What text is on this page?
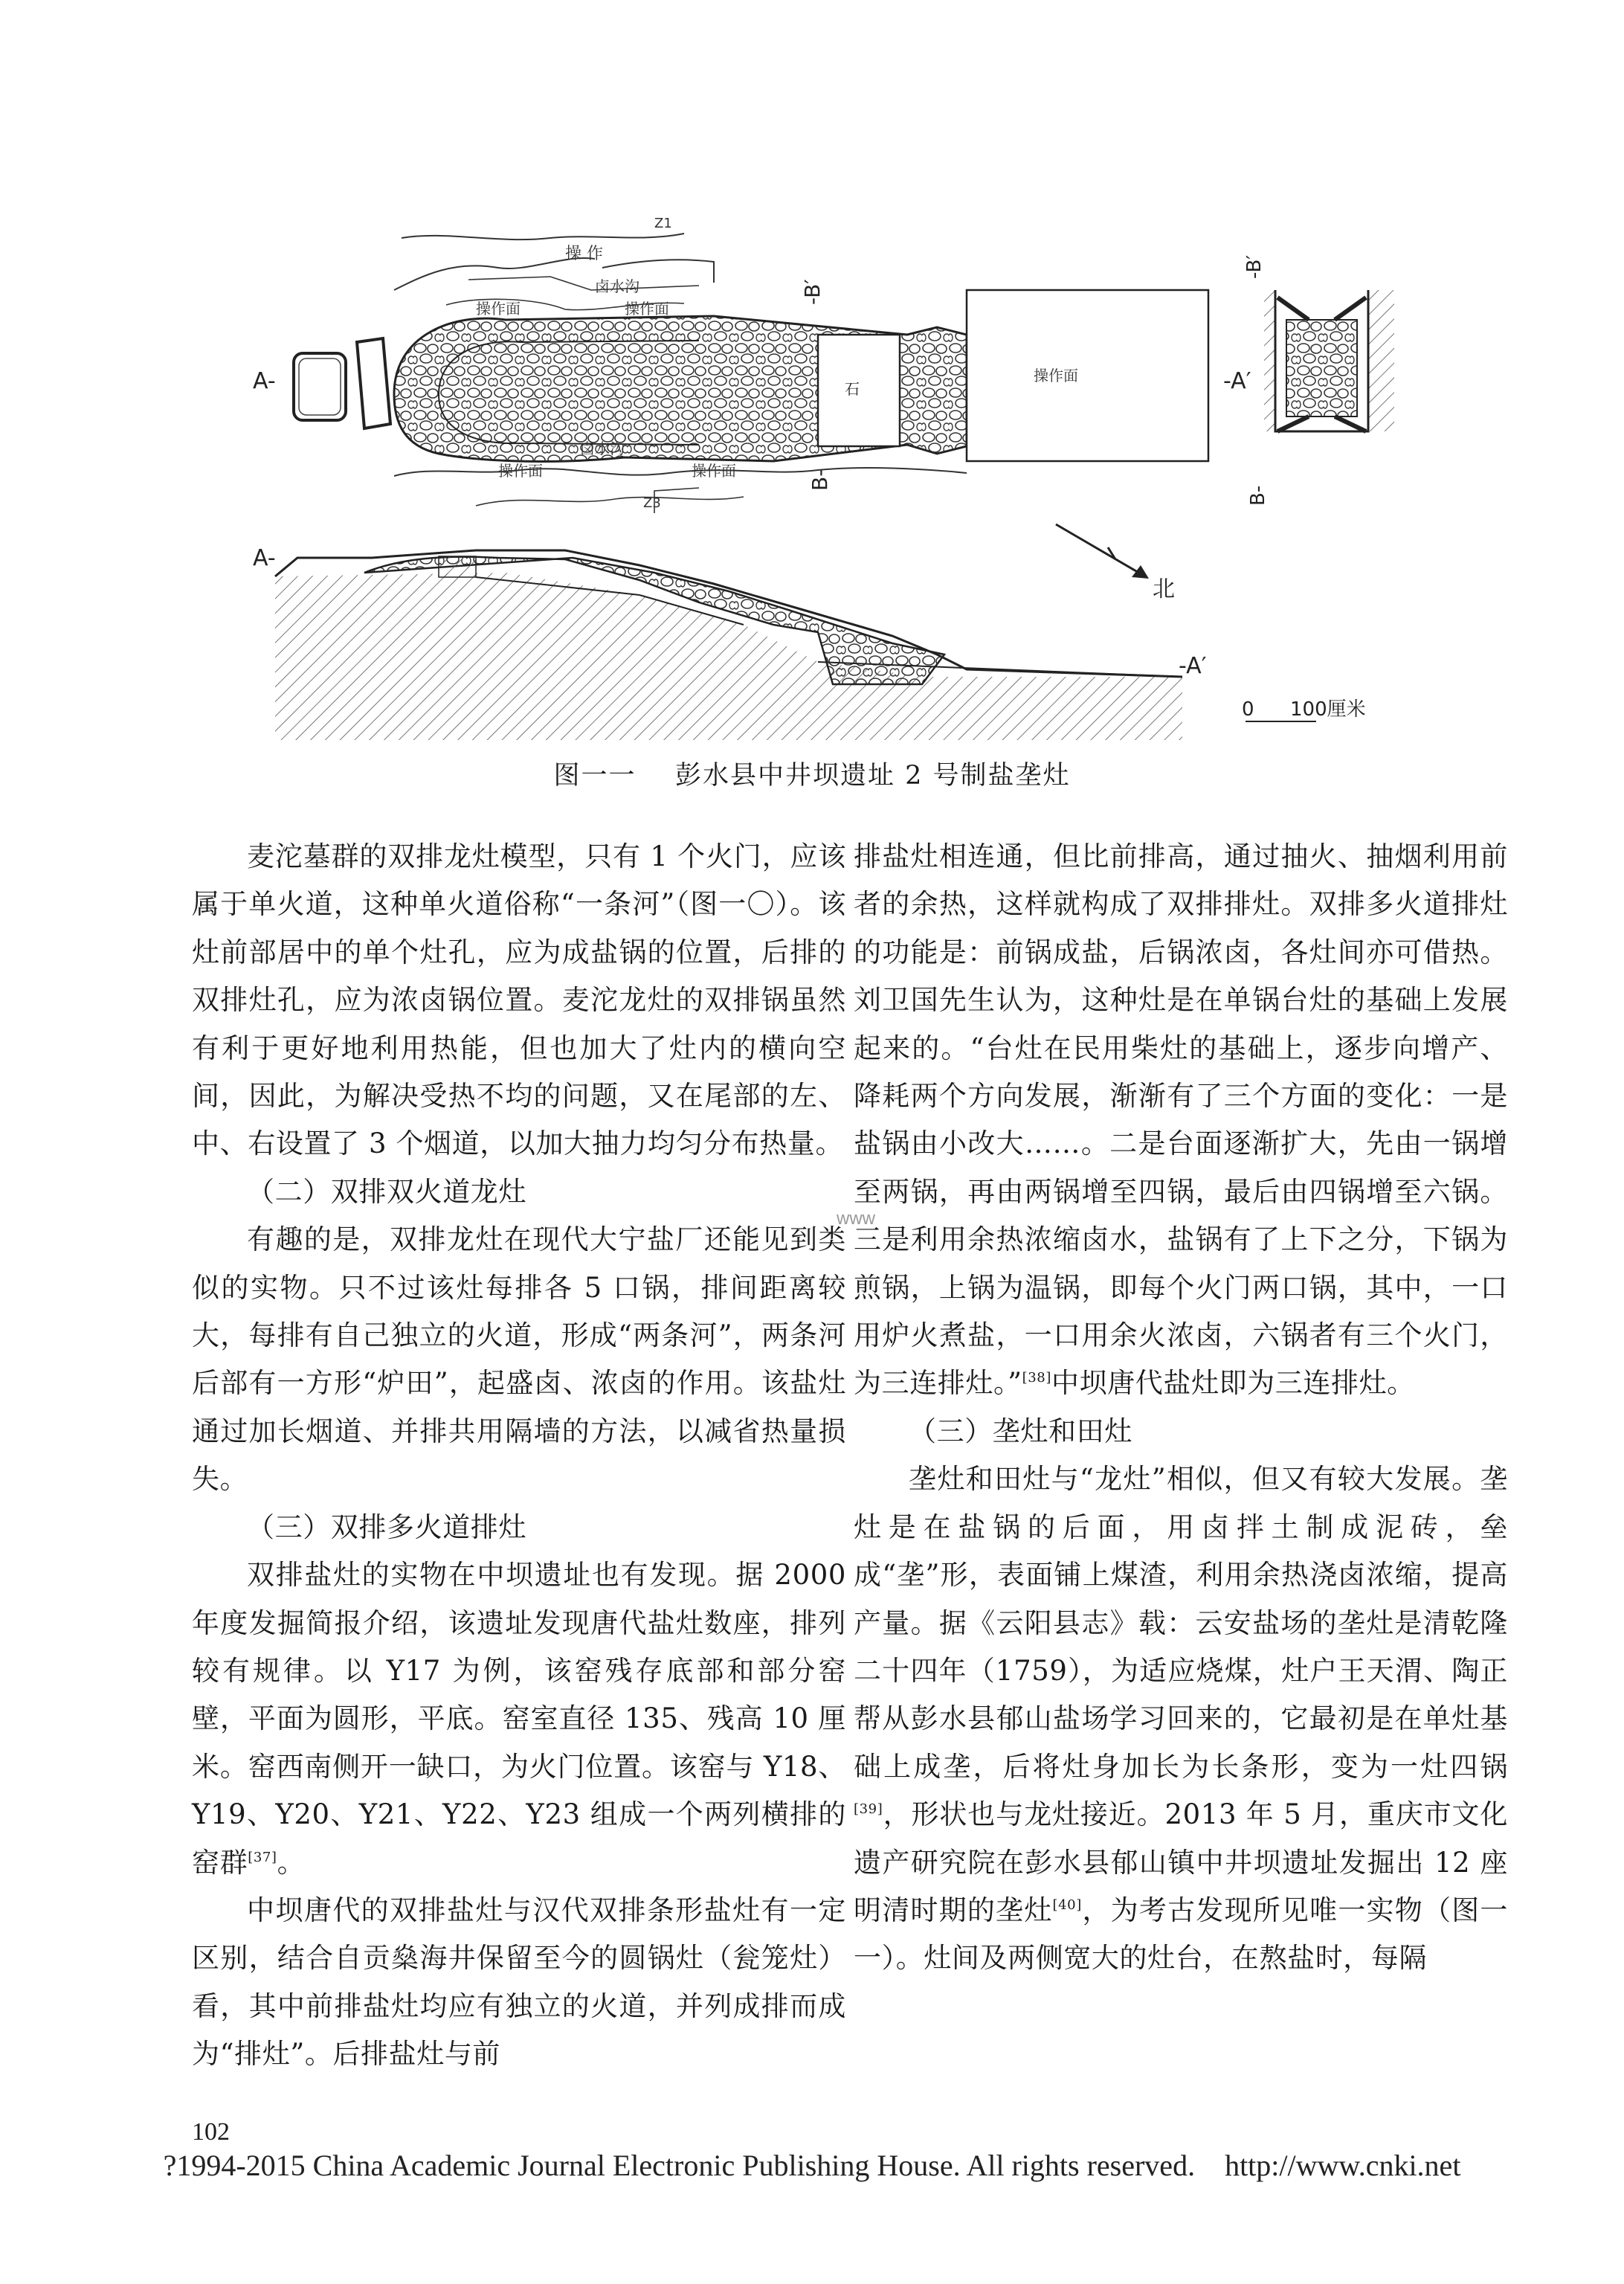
石
Z1
操 作
卤水沟
操作面	操作面
操作面
卤水沟
操作面	操作面
Z3
A-	-A′
-B′
B-
-B′
B-
北
A-
-A′
0 100厘米
图一一    彭水县中井坝遗址 2 号制盐垄灶

麦沱墓群的双排龙灶模型，只有 1 个火门，应该属于单火道，这种单火道俗称“一条河”（图一〇）。该灶前部居中的单个灶孔，应为成盐锅的位置，后排的双排灶孔，应为浓卤锅位置。麦沱龙灶的双排锅虽然有利于更好地利用热能，但也加大了灶内的横向空间，因此，为解决受热不均的问题，又在尾部的左、中、右设置了 3 个烟道，以加大抽力均匀分布热量。

（二）双排双火道龙灶

有趣的是，双排龙灶在现代大宁盐厂还能见到类似的实物。只不过该灶每排各 5 口锅，排间距离较大，每排有自己独立的火道，形成“两条河”，两条河后部有一方形“炉田”，起盛卤、浓卤的作用。该盐灶通过加长烟道、并排共用隔墙的方法，以减省热量损失。

（三）双排多火道排灶

双排盐灶的实物在中坝遗址也有发现。据 2000 年度发掘简报介绍，该遗址发现唐代盐灶数座，排列较有规律。以 Y17 为例，该窑残存底部和部分窑壁，平面为圆形，平底。窑室直径 135、残高 10 厘米。窑西南侧开一缺口，为火门位置。该窑与 Y18、Y19、Y20、Y21、Y22、Y23 组成一个两列横排的窑群[37]。

中坝唐代的双排盐灶与汉代双排条形盐灶有一定区别，结合自贡燊海井保留至今的圆锅灶（瓮笼灶）看，其中前排盐灶均应有独立的火道，并列成排而成为“排灶”。后排盐灶与前

排盐灶相连通，但比前排高，通过抽火、抽烟利用前者的余热，这样就构成了双排排灶。双排多火道排灶的功能是：前锅成盐，后锅浓卤，各灶间亦可借热。刘卫国先生认为，这种灶是在单锅台灶的基础上发展起来的。“台灶在民用柴灶的基础上，逐步向增产、降耗两个方向发展，渐渐有了三个方面的变化：一是盐锅由小改大……。二是台面逐渐扩大，先由一锅增至两锅，再由两锅增至四锅，最后由四锅增至六锅。三是利用余热浓缩卤水，盐锅有了上下之分，下锅为煎锅，上锅为温锅，即每个火门两口锅，其中，一口用炉火煮盐，一口用余火浓卤，六锅者有三个火门，为三连排灶。”[38]中坝唐代盐灶即为三连排灶。

（三）垄灶和田灶

垄灶和田灶与“龙灶”相似，但又有较大发展。垄灶是在盐锅的后面，用卤拌土制成泥砖，垒成“垄”形，表面铺上煤渣，利用余热浇卤浓缩，提高产量。据《云阳县志》载：云安盐场的垄灶是清乾隆二十四年（1759），为适应烧煤，灶户王天渭、陶正帮从彭水县郁山盐场学习回来的，它最初是在单灶基础上成垄，后将灶身加长为长条形，变为一灶四锅[39]，形状也与龙灶接近。2013 年 5 月，重庆市文化遗产研究院在彭水县郁山镇中井坝遗址发掘出 12 座明清时期的垄灶[40]，为考古发现所见唯一实物（图一一）。灶间及两侧宽大的灶台，在熬盐时，每隔

www
102
?1994-2015 China Academic Journal Electronic Publishing House. All rights reserved.    http://www.cnki.net
